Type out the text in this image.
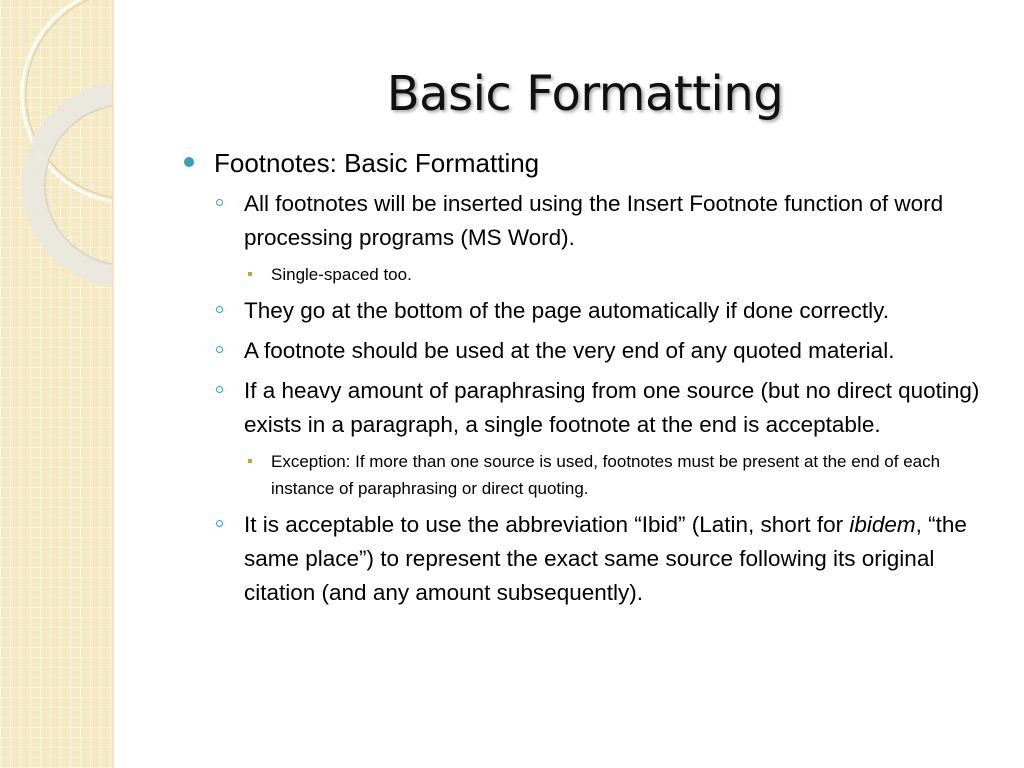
Basic Formatting
Footnotes: Basic Formatting
All footnotes will be inserted using the Insert Footnote function of word processing programs (MS Word).
Single-spaced too.
They go at the bottom of the page automatically if done correctly.
A footnote should be used at the very end of any quoted material.
If a heavy amount of paraphrasing from one source (but no direct quoting) exists in a paragraph, a single footnote at the end is acceptable.
Exception: If more than one source is used, footnotes must be present at the end of each instance of paraphrasing or direct quoting.
It is acceptable to use the abbreviation “Ibid” (Latin, short for ibidem, “the same place”) to represent the exact same source following its original citation (and any amount subsequently).
